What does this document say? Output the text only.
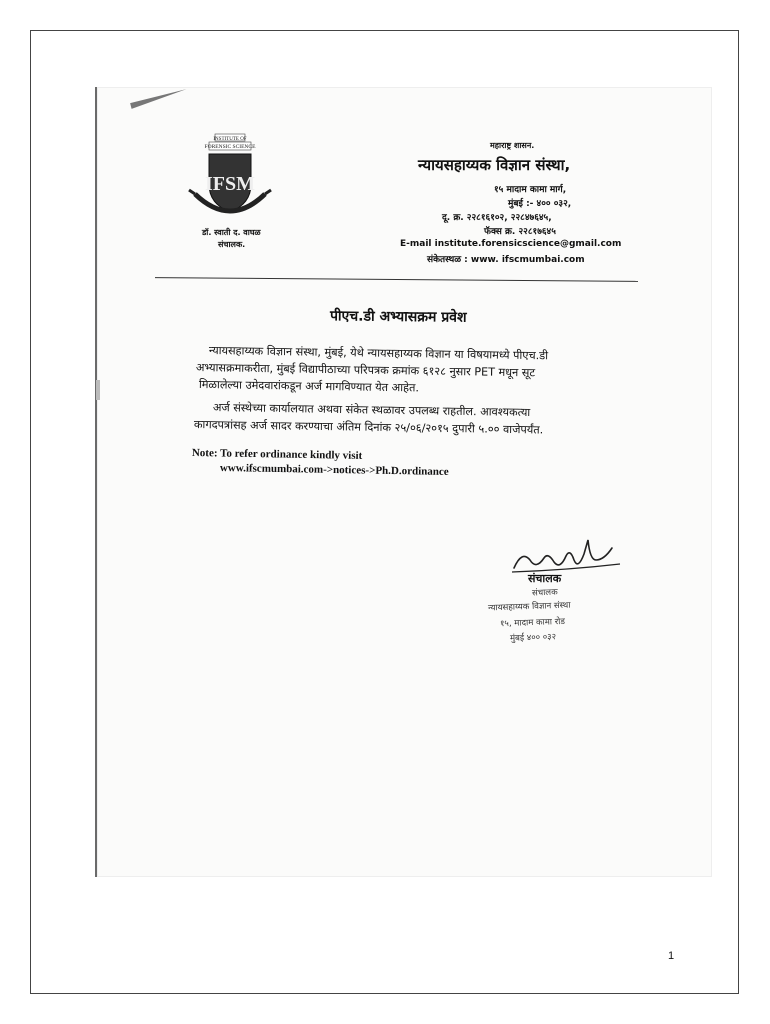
INSTITUTE OF
FORENSIC SCIENCE
IFSM
डॉ. स्वाती द. वाघळ
संचालक.
महाराष्ट्र शासन.
न्यायसहाय्यक विज्ञान संस्था,
१५ मादाम कामा मार्ग,
मुंबई :- ४०० ०३२,
दू. क्र. २२८१६१०२, २२८४७६४५,
फॅक्स क्र. २२८१७६४५
E-mail institute.forensicscience@gmail.com
संकेतस्थळ : www. ifscmumbai.com
पीएच.डी अभ्यासक्रम प्रवेश
न्यायसहाय्यक विज्ञान संस्था, मुंबई, येथे न्यायसहाय्यक विज्ञान या विषयामध्ये पीएच.डी
अभ्यासक्रमाकरीता, मुंबई विद्यापीठाच्या परिपत्रक क्रमांक ६१२८ नुसार PET मधून सूट
मिळालेल्या उमेदवारांकडून अर्ज मागविण्यात येत आहेत.
अर्ज संस्थेच्या कार्यालयात अथवा संकेत स्थळावर उपलब्ध राहतील. आवश्यकत्या
कागदपत्रांसह अर्ज सादर करण्याचा अंतिम दिनांक २५/०६/२०१५ दुपारी ५.०० वाजेपर्यंत.
Note: To refer ordinance kindly visit
www.ifscmumbai.com->notices->Ph.D.ordinance
संचालक
संचालक
न्यायसहाय्यक विज्ञान संस्था
१५, मादाम कामा रोड
मुंबई ४०० ०३२
1
